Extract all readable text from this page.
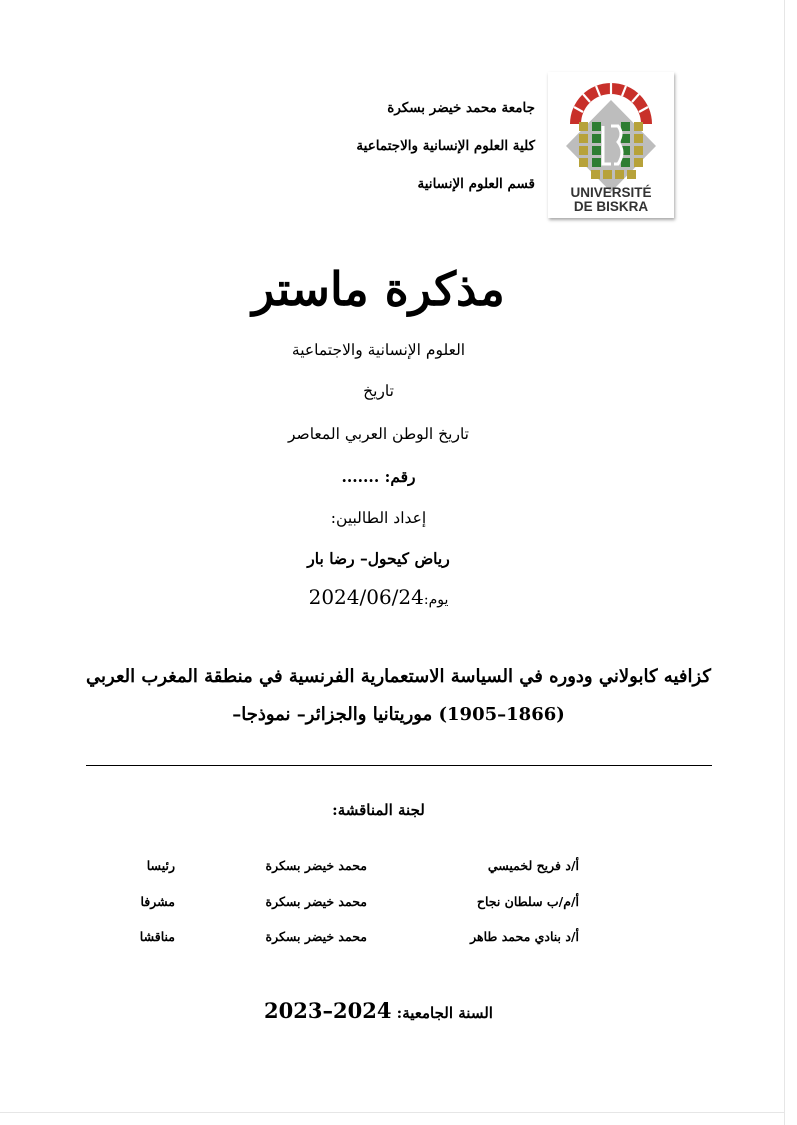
جامعة محمد خيضر بسكرة
كلية العلوم الإنسانية والاجتماعية
قسم العلوم الإنسانية
UNIVERSITÉ
DE BISKRA
مذكرة ماستر
العلوم الإنسانية والاجتماعية
تاريخ
تاريخ الوطن العربي المعاصر
رقم: .......
إعداد الطالبين:
رياض كيحول– رضا بار
يوم:2024/06/24
كزافيه كابولاني ودوره في السياسة الاستعمارية الفرنسية في منطقة المغرب العربي
(1866–1905) موريتانيا والجزائر– نموذجا–
لجنة المناقشة:
أ/د فريح لخميسي
محمد خيضر بسكرة
رئيسا
أ/م/ب سلطان نجاح
محمد خيضر بسكرة
مشرفا
أ/د بنادي محمد طاهر
محمد خيضر بسكرة
مناقشا
السنة الجامعية: 2023–2024
